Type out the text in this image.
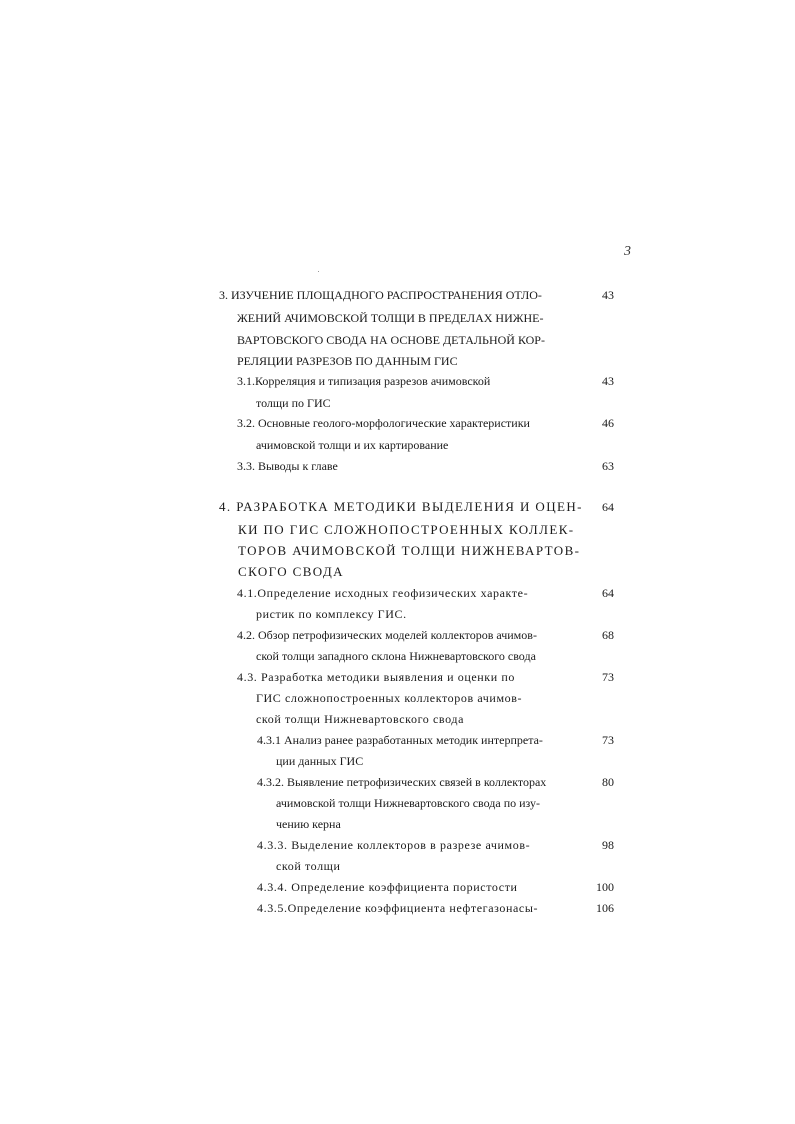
3
3. ИЗУЧЕНИЕ ПЛОЩАДНОГО РАСПРОСТРАНЕНИЯ ОТЛО-	43
ЖЕНИЙ АЧИМОВСКОЙ ТОЛЩИ В ПРЕДЕЛАХ НИЖНЕ-
ВАРТОВСКОГО СВОДА НА ОСНОВЕ ДЕТАЛЬНОЙ КОР-
РЕЛЯЦИИ РАЗРЕЗОВ ПО ДАННЫМ ГИС
3.1.Корреляция и типизация разрезов ачимовской	43
толщи по ГИС
3.2. Основные геолого-морфологические характеристики	46
ачимовской толщи и их картирование
3.3. Выводы к главе	63
4. РАЗРАБОТКА МЕТОДИКИ ВЫДЕЛЕНИЯ И ОЦЕН-	64
КИ ПО ГИС СЛОЖНОПОСТРОЕННЫХ КОЛЛЕК-
ТОРОВ АЧИМОВСКОЙ ТОЛЩИ НИЖНЕВАРТОВ-
СКОГО СВОДА
4.1.Определение исходных геофизических характе-	64
ристик по комплексу ГИС.
4.2. Обзор петрофизических моделей коллекторов ачимов-	68
ской толщи западного склона Нижневартовского свода
4.3. Разработка методики выявления и оценки по	73
ГИС сложнопостроенных коллекторов ачимов-
ской толщи Нижневартовского свода
4.3.1 Анализ ранее разработанных методик интерпрета-	73
ции данных ГИС
4.3.2. Выявление петрофизических связей в коллекторах	80
ачимовской толщи Нижневартовского свода по изу-
чению керна
4.3.3. Выделение коллекторов в разрезе ачимов-	98
ской толщи
4.3.4. Определение коэффициента пористости	100
4.3.5.Определение коэффициента нефтегазонасы-	106
